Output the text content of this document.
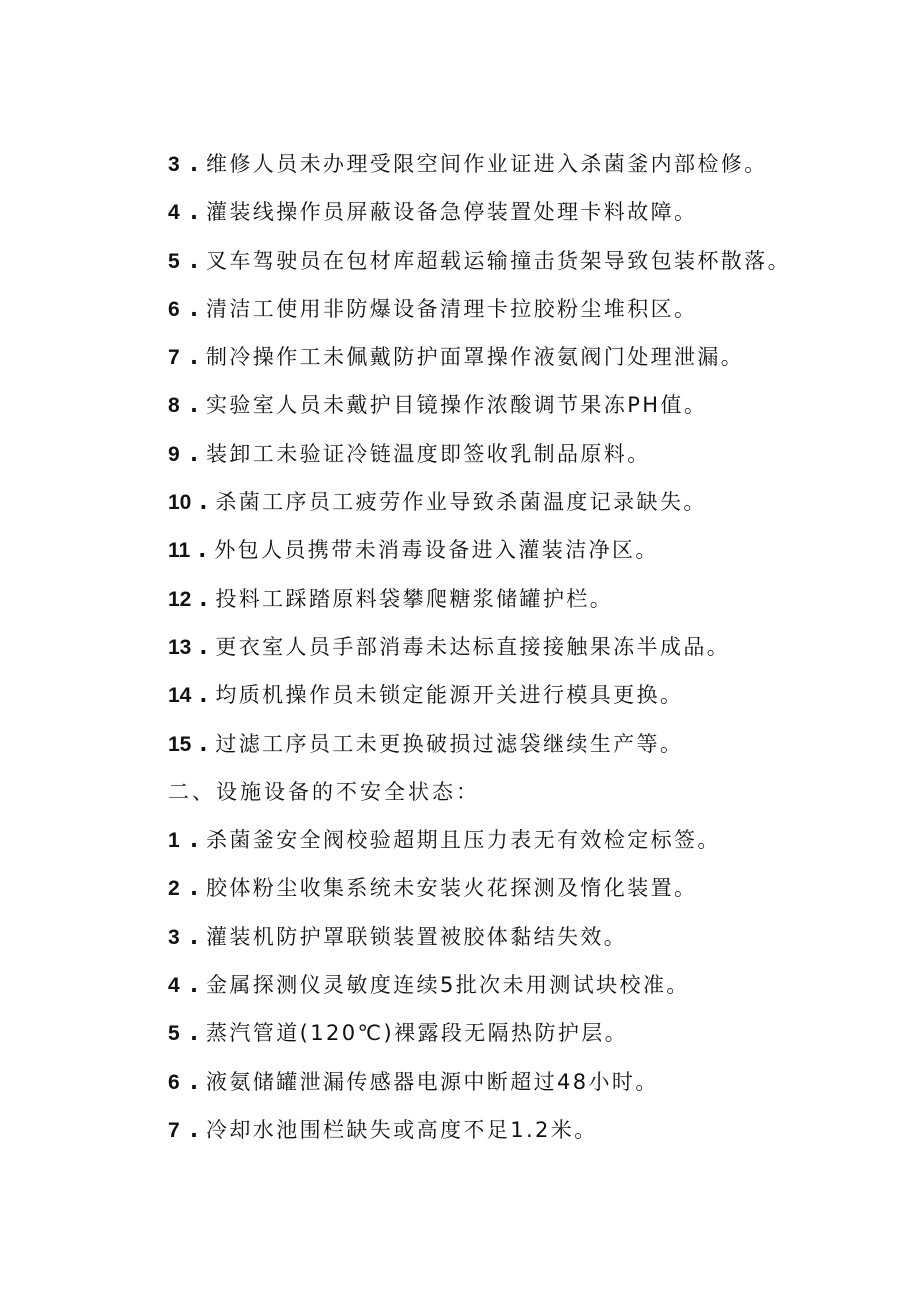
3 . 维修人员未办理受限空间作业证进入杀菌釜内部检修。
4 . 灌装线操作员屏蔽设备急停装置处理卡料故障。
5 . 叉车驾驶员在包材库超载运输撞击货架导致包装杯散落。
6 . 清洁工使用非防爆设备清理卡拉胶粉尘堆积区。
7 . 制冷操作工未佩戴防护面罩操作液氨阀门处理泄漏。
8 . 实验室人员未戴护目镜操作浓酸调节果冻PH值。
9 . 装卸工未验证冷链温度即签收乳制品原料。
10 . 杀菌工序员工疲劳作业导致杀菌温度记录缺失。
11 . 外包人员携带未消毒设备进入灌装洁净区。
12 . 投料工踩踏原料袋攀爬糖浆储罐护栏。
13 . 更衣室人员手部消毒未达标直接接触果冻半成品。
14 . 均质机操作员未锁定能源开关进行模具更换。
15 . 过滤工序员工未更换破损过滤袋继续生产等。
二、设施设备的不安全状态：
1 . 杀菌釜安全阀校验超期且压力表无有效检定标签。
2 . 胶体粉尘收集系统未安装火花探测及惰化装置。
3 . 灌装机防护罩联锁装置被胶体黏结失效。
4 . 金属探测仪灵敏度连续5批次未用测试块校准。
5 . 蒸汽管道(120℃)裸露段无隔热防护层。
6 . 液氨储罐泄漏传感器电源中断超过48小时。
7 . 冷却水池围栏缺失或高度不足1.2米。
